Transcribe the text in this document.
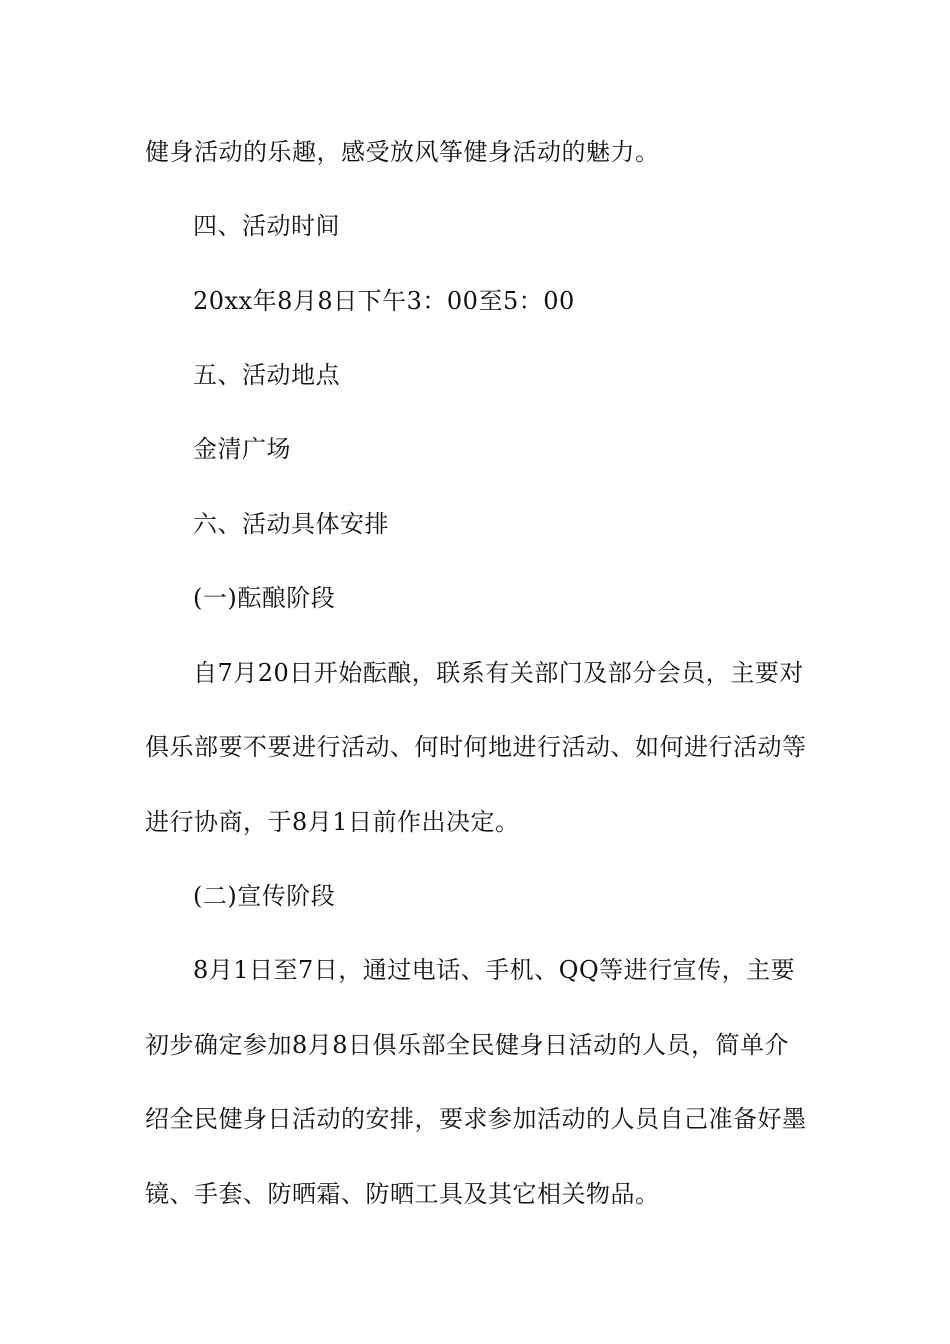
健身活动的乐趣，感受放风筝健身活动的魅力。
四、活动时间
20xx年8月8日下午3：00至5：00
五、活动地点
金清广场
六、活动具体安排
(一)酝酿阶段
自7月20日开始酝酿，联系有关部门及部分会员，主要对
俱乐部要不要进行活动、何时何地进行活动、如何进行活动等
进行协商，于8月1日前作出决定。
(二)宣传阶段
8月1日至7日，通过电话、手机、QQ等进行宣传，主要
初步确定参加8月8日俱乐部全民健身日活动的人员，简单介
绍全民健身日活动的安排，要求参加活动的人员自己准备好墨
镜、手套、防晒霜、防晒工具及其它相关物品。
